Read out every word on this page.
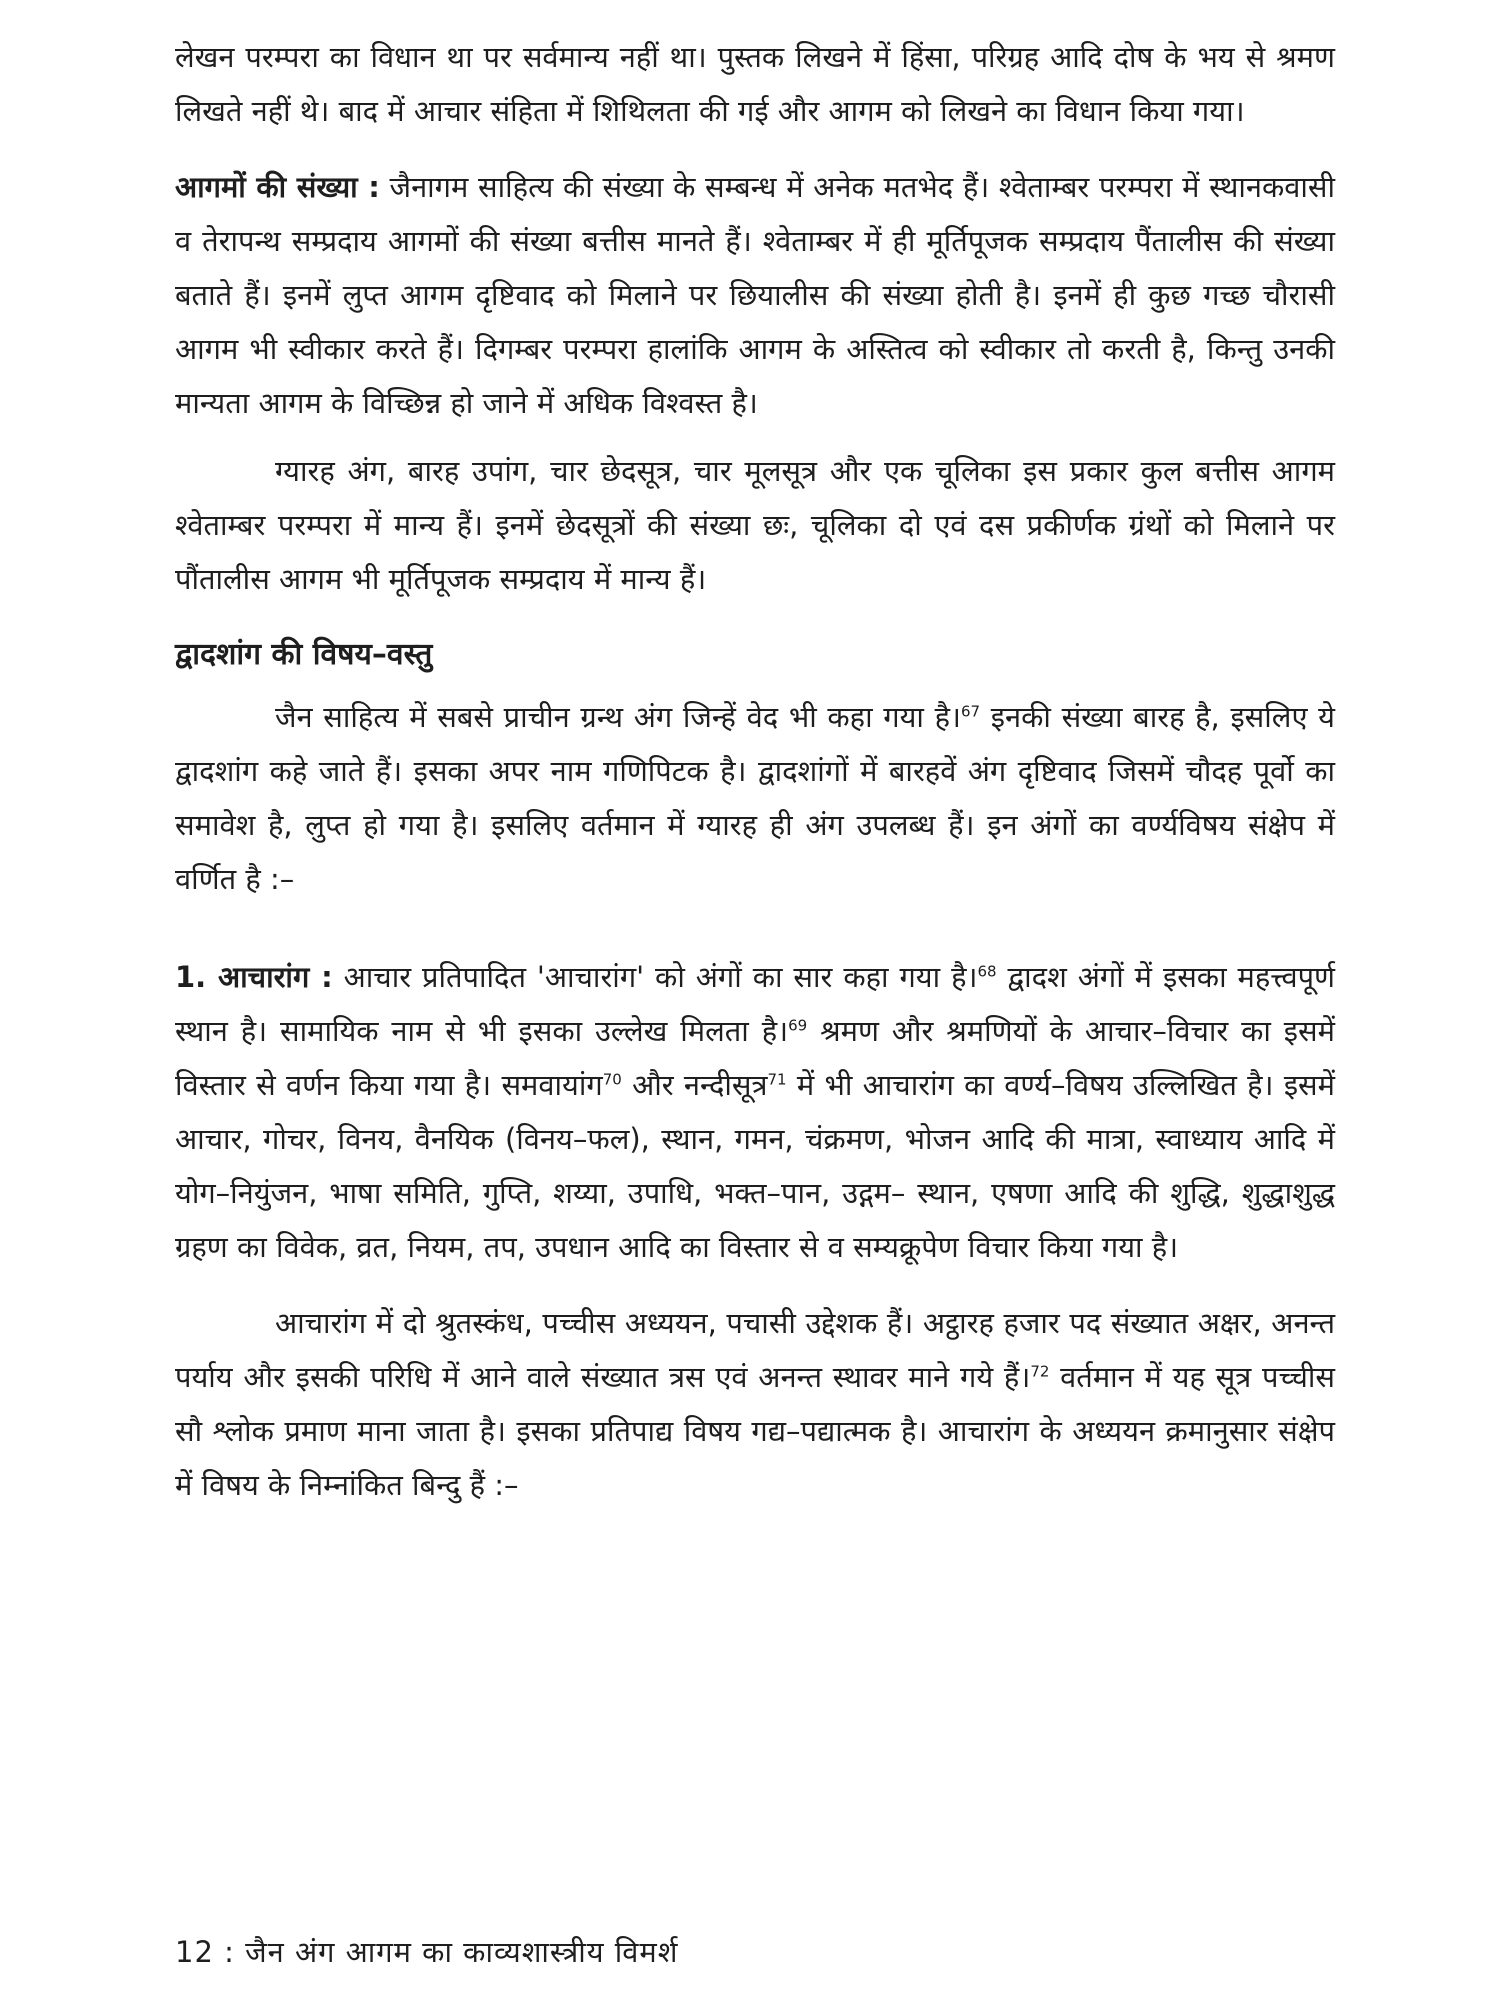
लेखन परम्परा का विधान था पर सर्वमान्य नहीं था। पुस्तक लिखने में हिंसा, परिग्रह आदि दोष के भय से श्रमण लिखते नहीं थे। बाद में आचार संहिता में शिथिलता की गई और आगम को लिखने का विधान किया गया।

आगमों की संख्या : जैनागम साहित्य की संख्या के सम्बन्ध में अनेक मतभेद हैं। श्वेताम्बर परम्परा में स्थानकवासी व तेरापन्थ सम्प्रदाय आगमों की संख्या बत्तीस मानते हैं। श्वेताम्बर में ही मूर्तिपूजक सम्प्रदाय पैंतालीस की संख्या बताते हैं। इनमें लुप्त आगम दृष्टिवाद को मिलाने पर छियालीस की संख्या होती है। इनमें ही कुछ गच्छ चौरासी आगम भी स्वीकार करते हैं। दिगम्बर परम्परा हालांकि आगम के अस्तित्व को स्वीकार तो करती है, किन्तु उनकी मान्यता आगम के विच्छिन्न हो जाने में अधिक विश्वस्त है।

ग्यारह अंग, बारह उपांग, चार छेदसूत्र, चार मूलसूत्र और एक चूलिका इस प्रकार कुल बत्तीस आगम श्वेताम्बर परम्परा में मान्य हैं। इनमें छेदसूत्रों की संख्या छः, चूलिका दो एवं दस प्रकीर्णक ग्रंथों को मिलाने पर पौंतालीस आगम भी मूर्तिपूजक सम्प्रदाय में मान्य हैं।

द्वादशांग की विषय–वस्तु

जैन साहित्य में सबसे प्राचीन ग्रन्थ अंग जिन्हें वेद भी कहा गया है।$^{67}$ इनकी संख्या बारह है, इसलिए ये द्वादशांग कहे जाते हैं। इसका अपर नाम गणिपिटक है। द्वादशांगों में बारहवें अंग दृष्टिवाद जिसमें चौदह पूर्वो का समावेश है, लुप्त हो गया है। इसलिए वर्तमान में ग्यारह ही अंग उपलब्ध हैं। इन अंगों का वर्ण्यविषय संक्षेप में वर्णित है :–

1. आचारांग : आचार प्रतिपादित 'आचारांग' को अंगों का सार कहा गया है।$^{68}$ द्वादश अंगों में इसका महत्त्वपूर्ण स्थान है। सामायिक नाम से भी इसका उल्लेख मिलता है।$^{69}$ श्रमण और श्रमणियों के आचार–विचार का इसमें विस्तार से वर्णन किया गया है। समवायांग$^{70}$ और नन्दीसूत्र$^{71}$ में भी आचारांग का वर्ण्य–विषय उल्लिखित है। इसमें आचार, गोचर, विनय, वैनयिक (विनय–फल), स्थान, गमन, चंक्रमण, भोजन आदि की मात्रा, स्वाध्याय आदि में योग–नियुंजन, भाषा समिति, गुप्ति, शय्या, उपाधि, भक्त–पान, उद्गम– स्थान, एषणा आदि की शुद्धि, शुद्धाशुद्ध ग्रहण का विवेक, व्रत, नियम, तप, उपधान आदि का विस्तार से व सम्यक्रूपेण विचार किया गया है।

आचारांग में दो श्रुतस्कंध, पच्चीस अध्ययन, पचासी उद्देशक हैं। अट्ठारह हजार पद संख्यात अक्षर, अनन्त पर्याय और इसकी परिधि में आने वाले संख्यात त्रस एवं अनन्त स्थावर माने गये हैं।$^{72}$ वर्तमान में यह सूत्र पच्चीस सौ श्लोक प्रमाण माना जाता है। इसका प्रतिपाद्य विषय गद्य–पद्यात्मक है। आचारांग के अध्ययन क्रमानुसार संक्षेप में विषय के निम्नांकित बिन्दु हैं :–

12 : जैन अंग आगम का काव्यशास्त्रीय विमर्श
